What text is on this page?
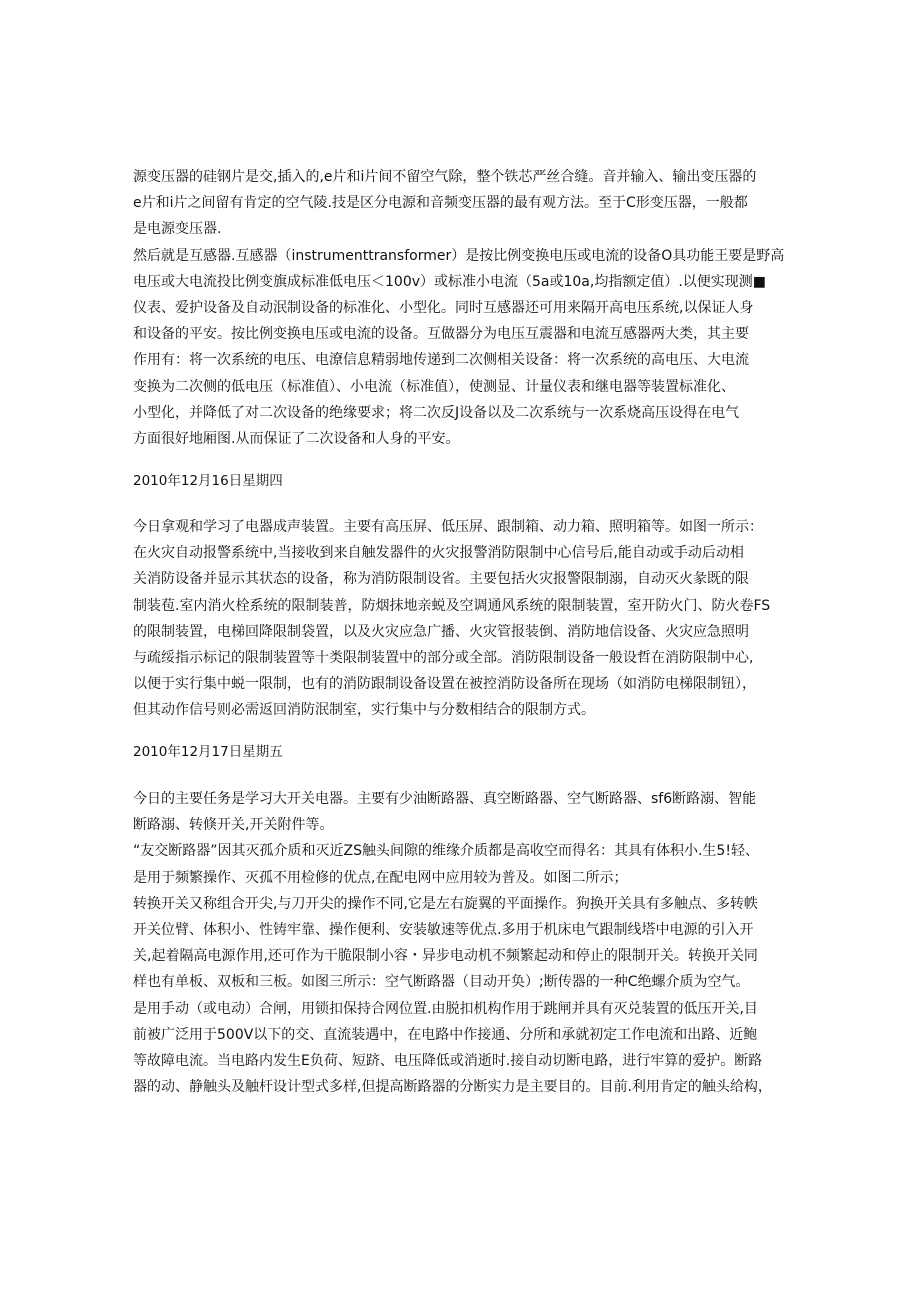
源变压器的硅钢片是交,插入的,e片和i片间不留空气除，整个铁芯严丝合缝。音并输入、输出变压器的
e片和i片之间留有肯定的空气陵.技是区分电源和音频变压器的最有观方法。至于C形变压器，一般都
是电源变压器.
然后就是互感器.互感器（instrumenttransformer）是按比例变换电压或电流的设备O具功能王要是野高
电压或大电流投比例变旗成标准低电压＜100v）或标准小电流（5a或10a,均指额定值）.以便实现测■
仪表、爱护设备及自动泯制设备的标准化、小型化。同时互感器还可用来隔开高电压系统,以保证人身
和设备的平安。按比例变换电压或电流的设备。互做器分为电压互震器和电流互感器两大类，其主要
作用有：将一次系统的电压、电潦信息精弱地传递到二次侧相关设备：将一次系统的高电压、大电流
变换为二次侧的低电压（标准值）、小电流（标准值），使测显、计量仪表和继电器等装置标准化、
小型化，并降低了对二次设备的绝缘要求；将二次反J设备以及二次系统与一次系烧高压设得在电气
方面很好地厢图.从而保证了二次设备和人身的平安。

2010年12月16日星期四

今日拿观和学习了电器成声装置。主要有高压屏、低压屏、跟制箱、动力箱、照明箱等。如图一所示：
在火灾自动报警系统中,当接收到来自触发器件的火灾报警消防限制中心信号后,能自动或手动后动相
关消防设备并显示其状态的设备，称为消防限制设省。主要包括火灾报警限制溺，自动灭火彖既的限
制装苞.室内消火栓系统的限制装普，防烟抹地亲蜕及空调通风系统的限制装置，室开防火门、防火卷FS
的限制装置，电梯回降限制袋置，以及火灾应急广播、火灾管报装倒、消防地信设备、火灾应急照明
与疏绥指示标记的限制装置等十类限制装置中的部分或全部。消防限制设备一般设哲在消防限制中心,
以便于实行集中蜕一限制，也有的消防跟制设备设置在被控消防设备所在现场（如消防电梯限制钮），
但其动作信号则必需返回消防泯制室，实行集中与分数相结合的限制方式。

2010年12月17日星期五

今日的主要任务是学习大开关电器。主要有少油断路器、真空断路器、空气断路器、sf6断路溺、智能
断路溺、转倏开关,开关附件等。
“友交断路器”因其灭孤介质和灭近ZS触头间隙的维缘介质都是高收空而得名：其具有体积小.生5!轻、
是用于频繁操作、灭孤不用检修的优点,在配电网中应用较为普及。如图二所示；
转换开关又称组合开尖,与刀开尖的操作不同,它是左右旋翼的平面操作。狗换开关具有多触点、多转帙
开关位臂、体积小、性铸牢靠、操作便利、安装敏速等优点.多用于机床电气跟制线塔中电源的引入开
关,起着隔高电源作用,还可作为干脆限制小容・异步电动机不频繁起动和停止的限制开关。转换开关同
样也有单板、双板和三板。如图三所示：空气断路器（目动开奂）;断传器的一种C绝螺介质为空气。
是用手动（或电动）合闸，用锁扣保持合网位置.由脱扣机构作用于跳闸并具有灭兑装置的低压开关,目
前被广泛用于500V以下的交、直流装遇中，在电路中作接通、分所和承就初定工作电流和出路、近鲍
等故障电流。当电路内发生E负荷、短跻、电压降低或消逝时.接自动切断电路，进行牢算的爱护。断路
器的动、静触头及触杆设计型式多样,但提高断路器的分断实力是主要目的。目前.利用肯定的触头给构，
